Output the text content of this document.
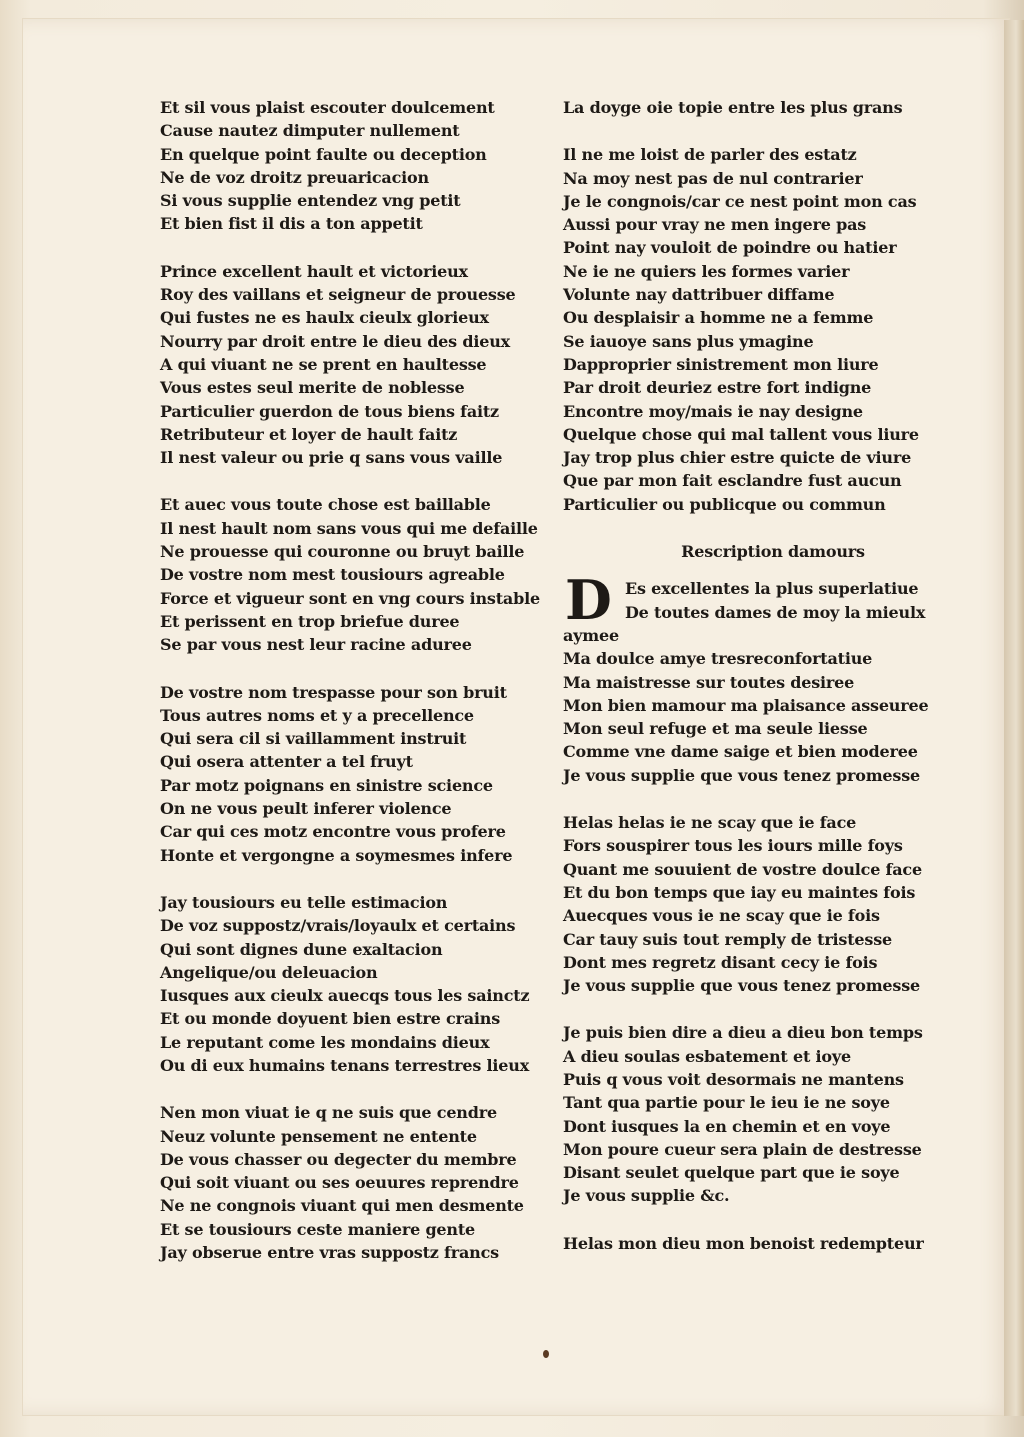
Et sil vous plaist escouter doulcement
Cause nautez dimputer nullement
En quelque point faulte ou deception
Ne de voz droitz preuaricacion
Si vous supplie entendez vng petit
Et bien fist il dis a ton appetit
Prince excellent hault et victorieux
Roy des vaillans et seigneur de prouesse
Qui fustes ne es haulx cieulx glorieux
Nourry par droit entre le dieu des dieux
A qui viuant ne se prent en haultesse
Vous estes seul merite de noblesse
Particulier guerdon de tous biens faitz
Retributeur et loyer de hault faitz
Il nest valeur ou prie q sans vous vaille
Et auec vous toute chose est baillable
Il nest hault nom sans vous qui me defaille
Ne prouesse qui couronne ou bruyt baille
De vostre nom mest tousiours agreable
Force et vigueur sont en vng cours instable
Et perissent en trop briefue duree
Se par vous nest leur racine aduree
De vostre nom trespasse pour son bruit
Tous autres noms et y a precellence
Qui sera cil si vaillamment instruit
Qui osera attenter a tel fruyt
Par motz poignans en sinistre science
On ne vous peult inferer violence
Car qui ces motz encontre vous profere
Honte et vergongne a soymesmes infere
Jay tousiours eu telle estimacion
De voz suppostz/vrais/loyaulx et certains
Qui sont dignes dune exaltacion
Angelique/ou deleuacion
Iusques aux cieulx auecqs tous les sainctz
Et ou monde doyuent bien estre crains
Le reputant come les mondains dieux
Ou di eux humains tenans terrestres lieux
Nen mon viuat ie q ne suis que cendre
Neuz volunte pensement ne entente
De vous chasser ou degecter du membre
Qui soit viuant ou ses oeuures reprendre
Ne ne congnois viuant qui men desmente
Et se tousiours ceste maniere gente
Jay obserue entre vras suppostz francs
La doyge oie topie entre les plus grans
Il ne me loist de parler des estatz
Na moy nest pas de nul contrarier
Je le congnois/car ce nest point mon cas
Aussi pour vray ne men ingere pas
Point nay vouloit de poindre ou hatier
Ne ie ne quiers les formes varier
Volunte nay dattribuer diffame
Ou desplaisir a homme ne a femme
Se iauoye sans plus ymagine
Dapproprier sinistrement mon liure
Par droit deuriez estre fort indigne
Encontre moy/mais ie nay designe
Quelque chose qui mal tallent vous liure
Jay trop plus chier estre quicte de viure
Que par mon fait esclandre fust aucun
Particulier ou publicque ou commun
Rescription damours
D Es excellentes la plus superlatiue
De toutes dames de moy la mieulx
aymee
Ma doulce amye tresreconfortatiue
Ma maistresse sur toutes desiree
Mon bien mamour ma plaisance asseuree
Mon seul refuge et ma seule liesse
Comme vne dame saige et bien moderee
Je vous supplie que vous tenez promesse
Helas helas ie ne scay que ie face
Fors souspirer tous les iours mille foys
Quant me souuient de vostre doulce face
Et du bon temps que iay eu maintes fois
Auecques vous ie ne scay que ie fois
Car tauy suis tout remply de tristesse
Dont mes regretz disant cecy ie fois
Je vous supplie que vous tenez promesse
Je puis bien dire a dieu a dieu bon temps
A dieu soulas esbatement et ioye
Puis q vous voit desormais ne mantens
Tant qua partie pour le ieu ie ne soye
Dont iusques la en chemin et en voye
Mon poure cueur sera plain de destresse
Disant seulet quelque part que ie soye
Je vous supplie &c.
Helas mon dieu mon benoist redempteur
